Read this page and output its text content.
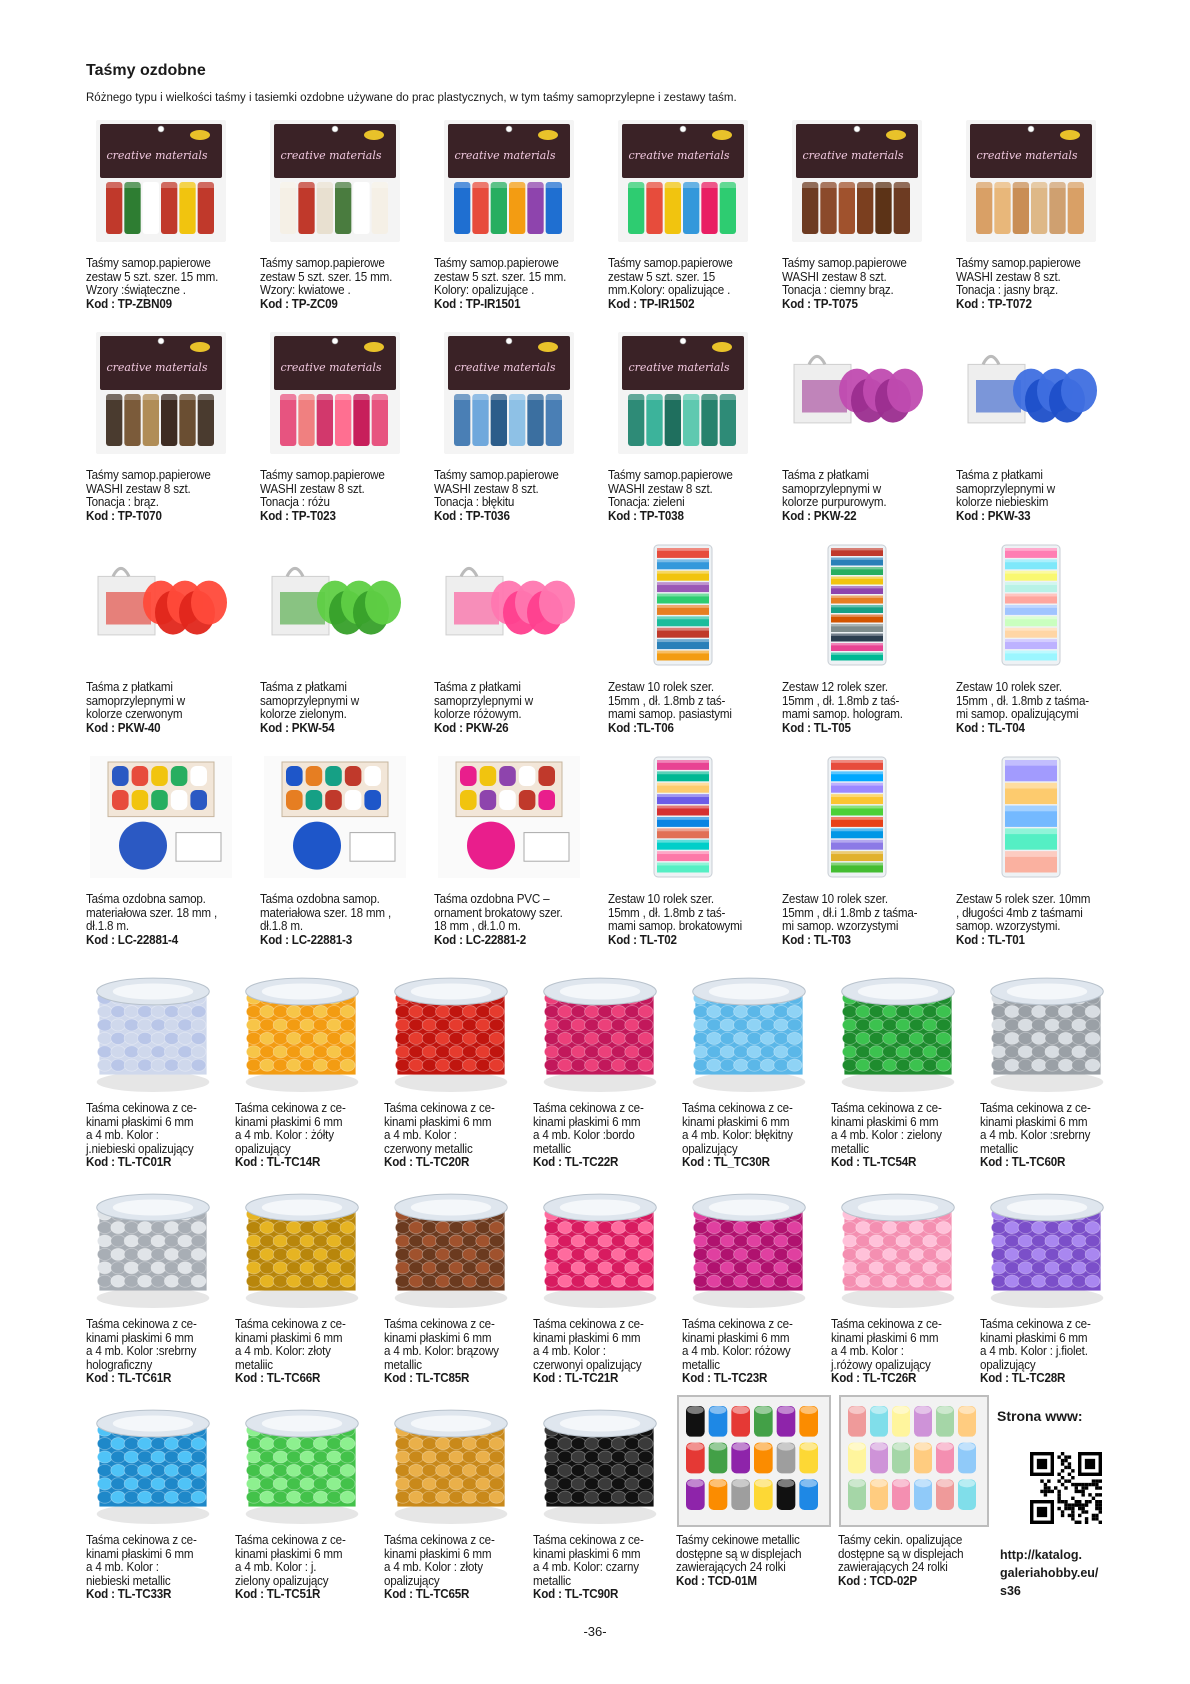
Taśmy ozdobne
Różnego typu i wielkości taśmy i tasiemki ozdobne używane do prac plastycznych, w tym taśmy samoprzylepne i zestawy taśm.
creative materials
Taśmy samop.papierowe
zestaw 5 szt. szer. 15 mm.
Wzory :świąteczne .
Kod : TP-ZBN09
creative materials
Taśmy samop.papierowe
zestaw 5 szt. szer. 15 mm.
Wzory: kwiatowe .
Kod : TP-ZC09
creative materials
Taśmy samop.papierowe
zestaw 5 szt. szer. 15 mm.
Kolory: opalizujące .
Kod : TP-IR1501
creative materials
Taśmy samop.papierowe
zestaw 5 szt. szer. 15
mm.Kolory: opalizujące .
Kod : TP-IR1502
creative materials
Taśmy samop.papierowe
WASHI zestaw 8 szt.
Tonacja : ciemny brąz.
Kod : TP-T075
creative materials
Taśmy samop.papierowe
WASHI zestaw 8 szt.
Tonacja : jasny brąz.
Kod : TP-T072
creative materials
Taśmy samop.papierowe
WASHI zestaw 8 szt.
Tonacja : brąz.
Kod : TP-T070
creative materials
Taśmy samop.papierowe
WASHI zestaw 8 szt.
Tonacja : różu
Kod : TP-T023
creative materials
Taśmy samop.papierowe
WASHI zestaw 8 szt.
Tonacja : błękitu
Kod : TP-T036
creative materials
Taśmy samop.papierowe
WASHI zestaw 8 szt.
Tonacja: zieleni
Kod : TP-T038
Taśma z płatkami
samoprzylepnymi w
kolorze purpurowym.
Kod : PKW-22
Taśma z płatkami
samoprzylepnymi w
kolorze niebieskim
Kod : PKW-33
Taśma z płatkami
samoprzylepnymi w
kolorze czerwonym
Kod : PKW-40
Taśma z płatkami
samoprzylepnymi w
kolorze zielonym.
Kod : PKW-54
Taśma z płatkami
samoprzylepnymi w
kolorze różowym.
Kod : PKW-26
Zestaw 10 rolek szer.
15mm , dł. 1.8mb z taś-
mami samop. pasiastymi
Kod :TL-T06
Zestaw 12 rolek szer.
15mm , dł. 1.8mb z taś-
mami samop. hologram.
Kod : TL-T05
Zestaw 10 rolek szer.
15mm , dł. 1.8mb z taśma-
mi samop. opalizującymi
Kod : TL-T04
Taśma ozdobna samop.
materiałowa szer. 18 mm ,
dł.1.8 m.
Kod : LC-22881-4
Taśma ozdobna samop.
materiałowa szer. 18 mm ,
dł.1.8 m.
Kod : LC-22881-3
Taśma ozdobna PVC –
ornament brokatowy szer.
18 mm , dł.1.0 m.
Kod : LC-22881-2
Zestaw 10 rolek szer.
15mm , dł. 1.8mb z taś-
mami samop. brokatowymi
Kod : TL-T02
Zestaw 10 rolek szer.
15mm , dł.i 1.8mb z taśma-
mi samop. wzorzystymi
Kod : TL-T03
Zestaw 5 rolek szer. 10mm
, długości 4mb z taśmami
samop. wzorzystymi.
Kod : TL-T01
Taśma cekinowa z ce-
kinami płaskimi 6 mm
a 4 mb. Kolor :
j.niebieski opalizujący
Kod : TL-TC01R
Taśma cekinowa z ce-
kinami płaskimi 6 mm
a 4 mb. Kolor : żółty
opalizujący
Kod : TL-TC14R
Taśma cekinowa z ce-
kinami płaskimi 6 mm
a 4 mb. Kolor :
czerwony metallic
Kod : TL-TC20R
Taśma cekinowa z ce-
kinami płaskimi 6 mm
a 4 mb. Kolor :bordo
metallic
Kod : TL-TC22R
Taśma cekinowa z ce-
kinami płaskimi 6 mm
a 4 mb. Kolor: błękitny
opalizujący
Kod : TL_TC30R
Taśma cekinowa z ce-
kinami płaskimi 6 mm
a 4 mb. Kolor : zielony
metallic
Kod : TL-TC54R
Taśma cekinowa z ce-
kinami płaskimi 6 mm
a 4 mb. Kolor :srebrny
metallic
Kod : TL-TC60R
Taśma cekinowa z ce-
kinami płaskimi 6 mm
a 4 mb. Kolor :srebrny
holograficzny
Kod : TL-TC61R
Taśma cekinowa z ce-
kinami płaskimi 6 mm
a 4 mb. Kolor: złoty
metaliic
Kod : TL-TC66R
Taśma cekinowa z ce-
kinami płaskimi 6 mm
a 4 mb. Kolor: brązowy
metallic
Kod : TL-TC85R
Taśma cekinowa z ce-
kinami płaskimi 6 mm
a 4 mb. Kolor :
czerwonyi opalizujący
Kod : TL-TC21R
Taśma cekinowa z ce-
kinami płaskimi 6 mm
a 4 mb. Kolor: różowy
metallic
Kod : TL-TC23R
Taśma cekinowa z ce-
kinami płaskimi 6 mm
a 4 mb. Kolor :
j.różowy opalizujący
Kod : TL-TC26R
Taśma cekinowa z ce-
kinami płaskimi 6 mm
a 4 mb. Kolor : j.fiolet.
opalizujący
Kod : TL-TC28R
Taśma cekinowa z ce-
kinami płaskimi 6 mm
a 4 mb. Kolor :
niebieski metallic
Kod : TL-TC33R
Taśma cekinowa z ce-
kinami płaskimi 6 mm
a 4 mb. Kolor : j.
zielony opalizujący
Kod : TL-TC51R
Taśma cekinowa z ce-
kinami płaskimi 6 mm
a 4 mb. Kolor : złoty
opalizujący
Kod : TL-TC65R
Taśma cekinowa z ce-
kinami płaskimi 6 mm
a 4 mb. Kolor: czarny
metallic
Kod : TL-TC90R
Taśmy cekinowe metallic
dostępne są w displejach
zawierających 24 rolki
Kod : TCD-01M
Taśmy cekin. opalizujące
dostępne są w displejach
zawierających 24 rolki
Kod : TCD-02P
Strona www:
http://katalog.
galeriahobby.eu/
s36
-36-
